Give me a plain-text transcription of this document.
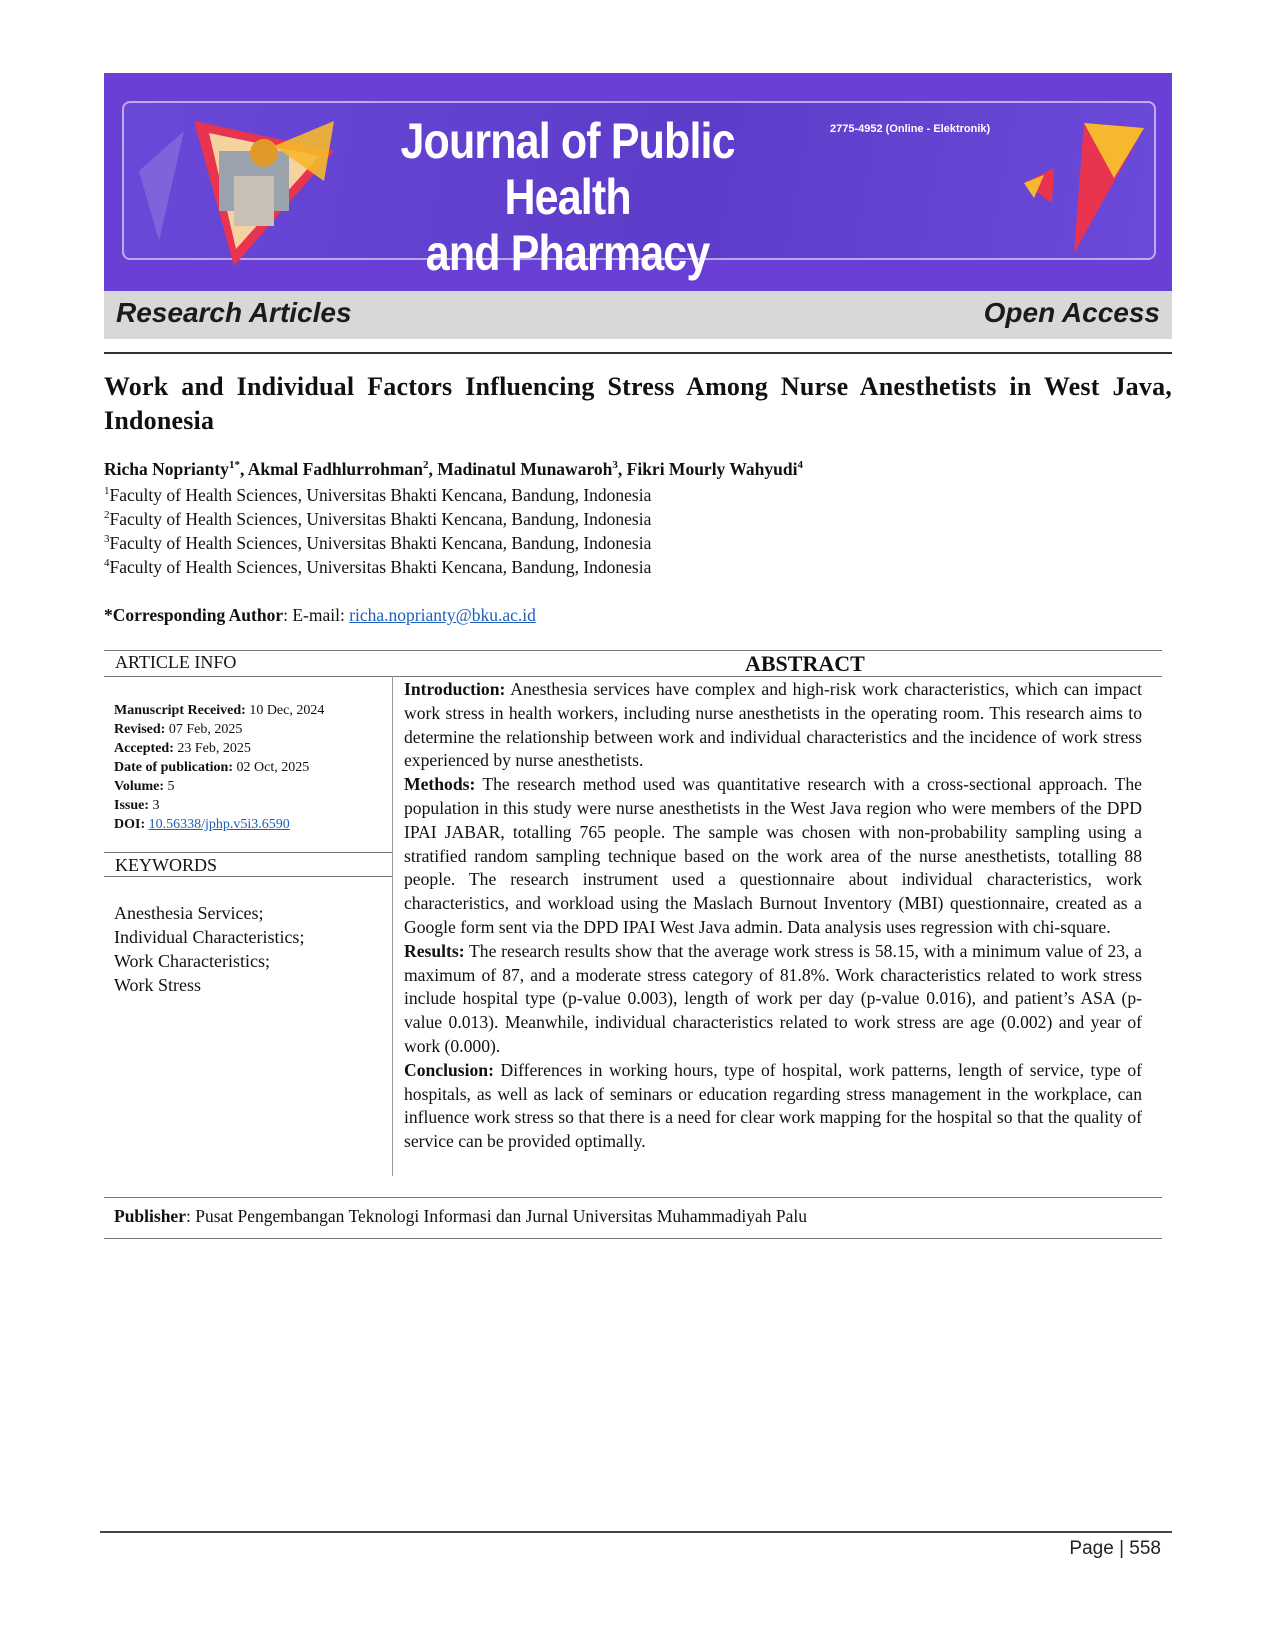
Journal of Public Health
and Pharmacy
2775-4952 (Online - Elektronik)
Research Articles	Open Access
Work and Individual Factors Influencing Stress Among Nurse Anesthetists in West Java, Indonesia
Richa Noprianty$^{1*}$, Akmal Fadhlurrohman$^2$, Madinatul Munawaroh$^3$, Fikri Mourly Wahyudi$^4$
$^1$Faculty of Health Sciences, Universitas Bhakti Kencana, Bandung, Indonesia
$^2$Faculty of Health Sciences, Universitas Bhakti Kencana, Bandung, Indonesia
$^3$Faculty of Health Sciences, Universitas Bhakti Kencana, Bandung, Indonesia
$^4$Faculty of Health Sciences, Universitas Bhakti Kencana, Bandung, Indonesia
*Corresponding Author: E-mail: richa.noprianty@bku.ac.id
ARTICLE INFO	ABSTRACT
Manuscript Received: 10 Dec, 2024
Revised: 07 Feb, 2025
Accepted: 23 Feb, 2025
Date of publication: 02 Oct, 2025
Volume: 5
Issue: 3
DOI: 10.56338/jphp.v5i3.6590
KEYWORDS
Anesthesia Services;
Individual Characteristics;
Work Characteristics;
Work Stress

Introduction: Anesthesia services have complex and high-risk work characteristics, which can impact work stress in health workers, including nurse anesthetists in the operating room. This research aims to determine the relationship between work and individual characteristics and the incidence of work stress experienced by nurse anesthetists.

Methods: The research method used was quantitative research with a cross-sectional approach. The population in this study were nurse anesthetists in the West Java region who were members of the DPD IPAI JABAR, totalling 765 people. The sample was chosen with non-probability sampling using a stratified random sampling technique based on the work area of the nurse anesthetists, totalling 88 people. The research instrument used a questionnaire about individual characteristics, work characteristics, and workload using the Maslach Burnout Inventory (MBI) questionnaire, created as a Google form sent via the DPD IPAI West Java admin. Data analysis uses regression with chi-square.

Results: The research results show that the average work stress is 58.15, with a minimum value of 23, a maximum of 87, and a moderate stress category of 81.8%. Work characteristics related to work stress include hospital type (p-value 0.003), length of work per day (p-value 0.016), and patient’s ASA (p-value 0.013). Meanwhile, individual characteristics related to work stress are age (0.002) and year of work (0.000).

Conclusion: Differences in working hours, type of hospital, work patterns, length of service, type of hospitals, as well as lack of seminars or education regarding stress management in the workplace, can influence work stress so that there is a need for clear work mapping for the hospital so that the quality of service can be provided optimally.

Publisher: Pusat Pengembangan Teknologi Informasi dan Jurnal Universitas Muhammadiyah Palu
Page | 558
